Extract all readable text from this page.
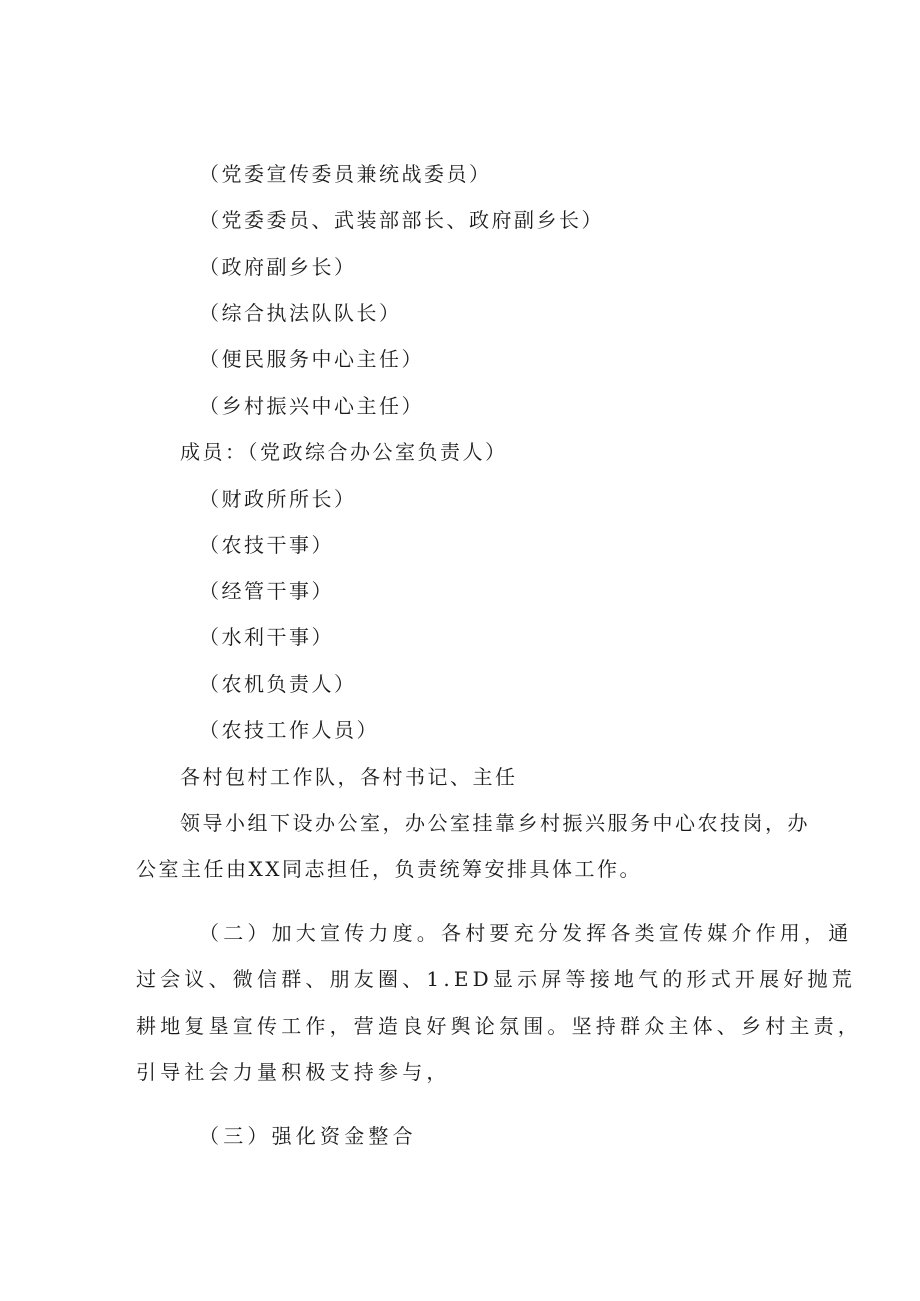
（党委宣传委员兼统战委员）
（党委委员、武装部部长、政府副乡长）
（政府副乡长）
（综合执法队队长）
（便民服务中心主任）
（乡村振兴中心主任）
成员：（党政综合办公室负责人）
（财政所所长）
（农技干事）
（经管干事）
（水利干事）
（农机负责人）
（农技工作人员）
各村包村工作队，各村书记、主任
领导小组下设办公室，办公室挂靠乡村振兴服务中心农技岗，办
公室主任由XX同志担任，负责统筹安排具体工作。
（二）加大宣传力度。各村要充分发挥各类宣传媒介作用，通
过会议、微信群、朋友圈、1.ED显示屏等接地气的形式开展好抛荒
耕地复垦宣传工作，营造良好舆论氛围。坚持群众主体、乡村主责，
引导社会力量积极支持参与，
（三）强化资金整合
